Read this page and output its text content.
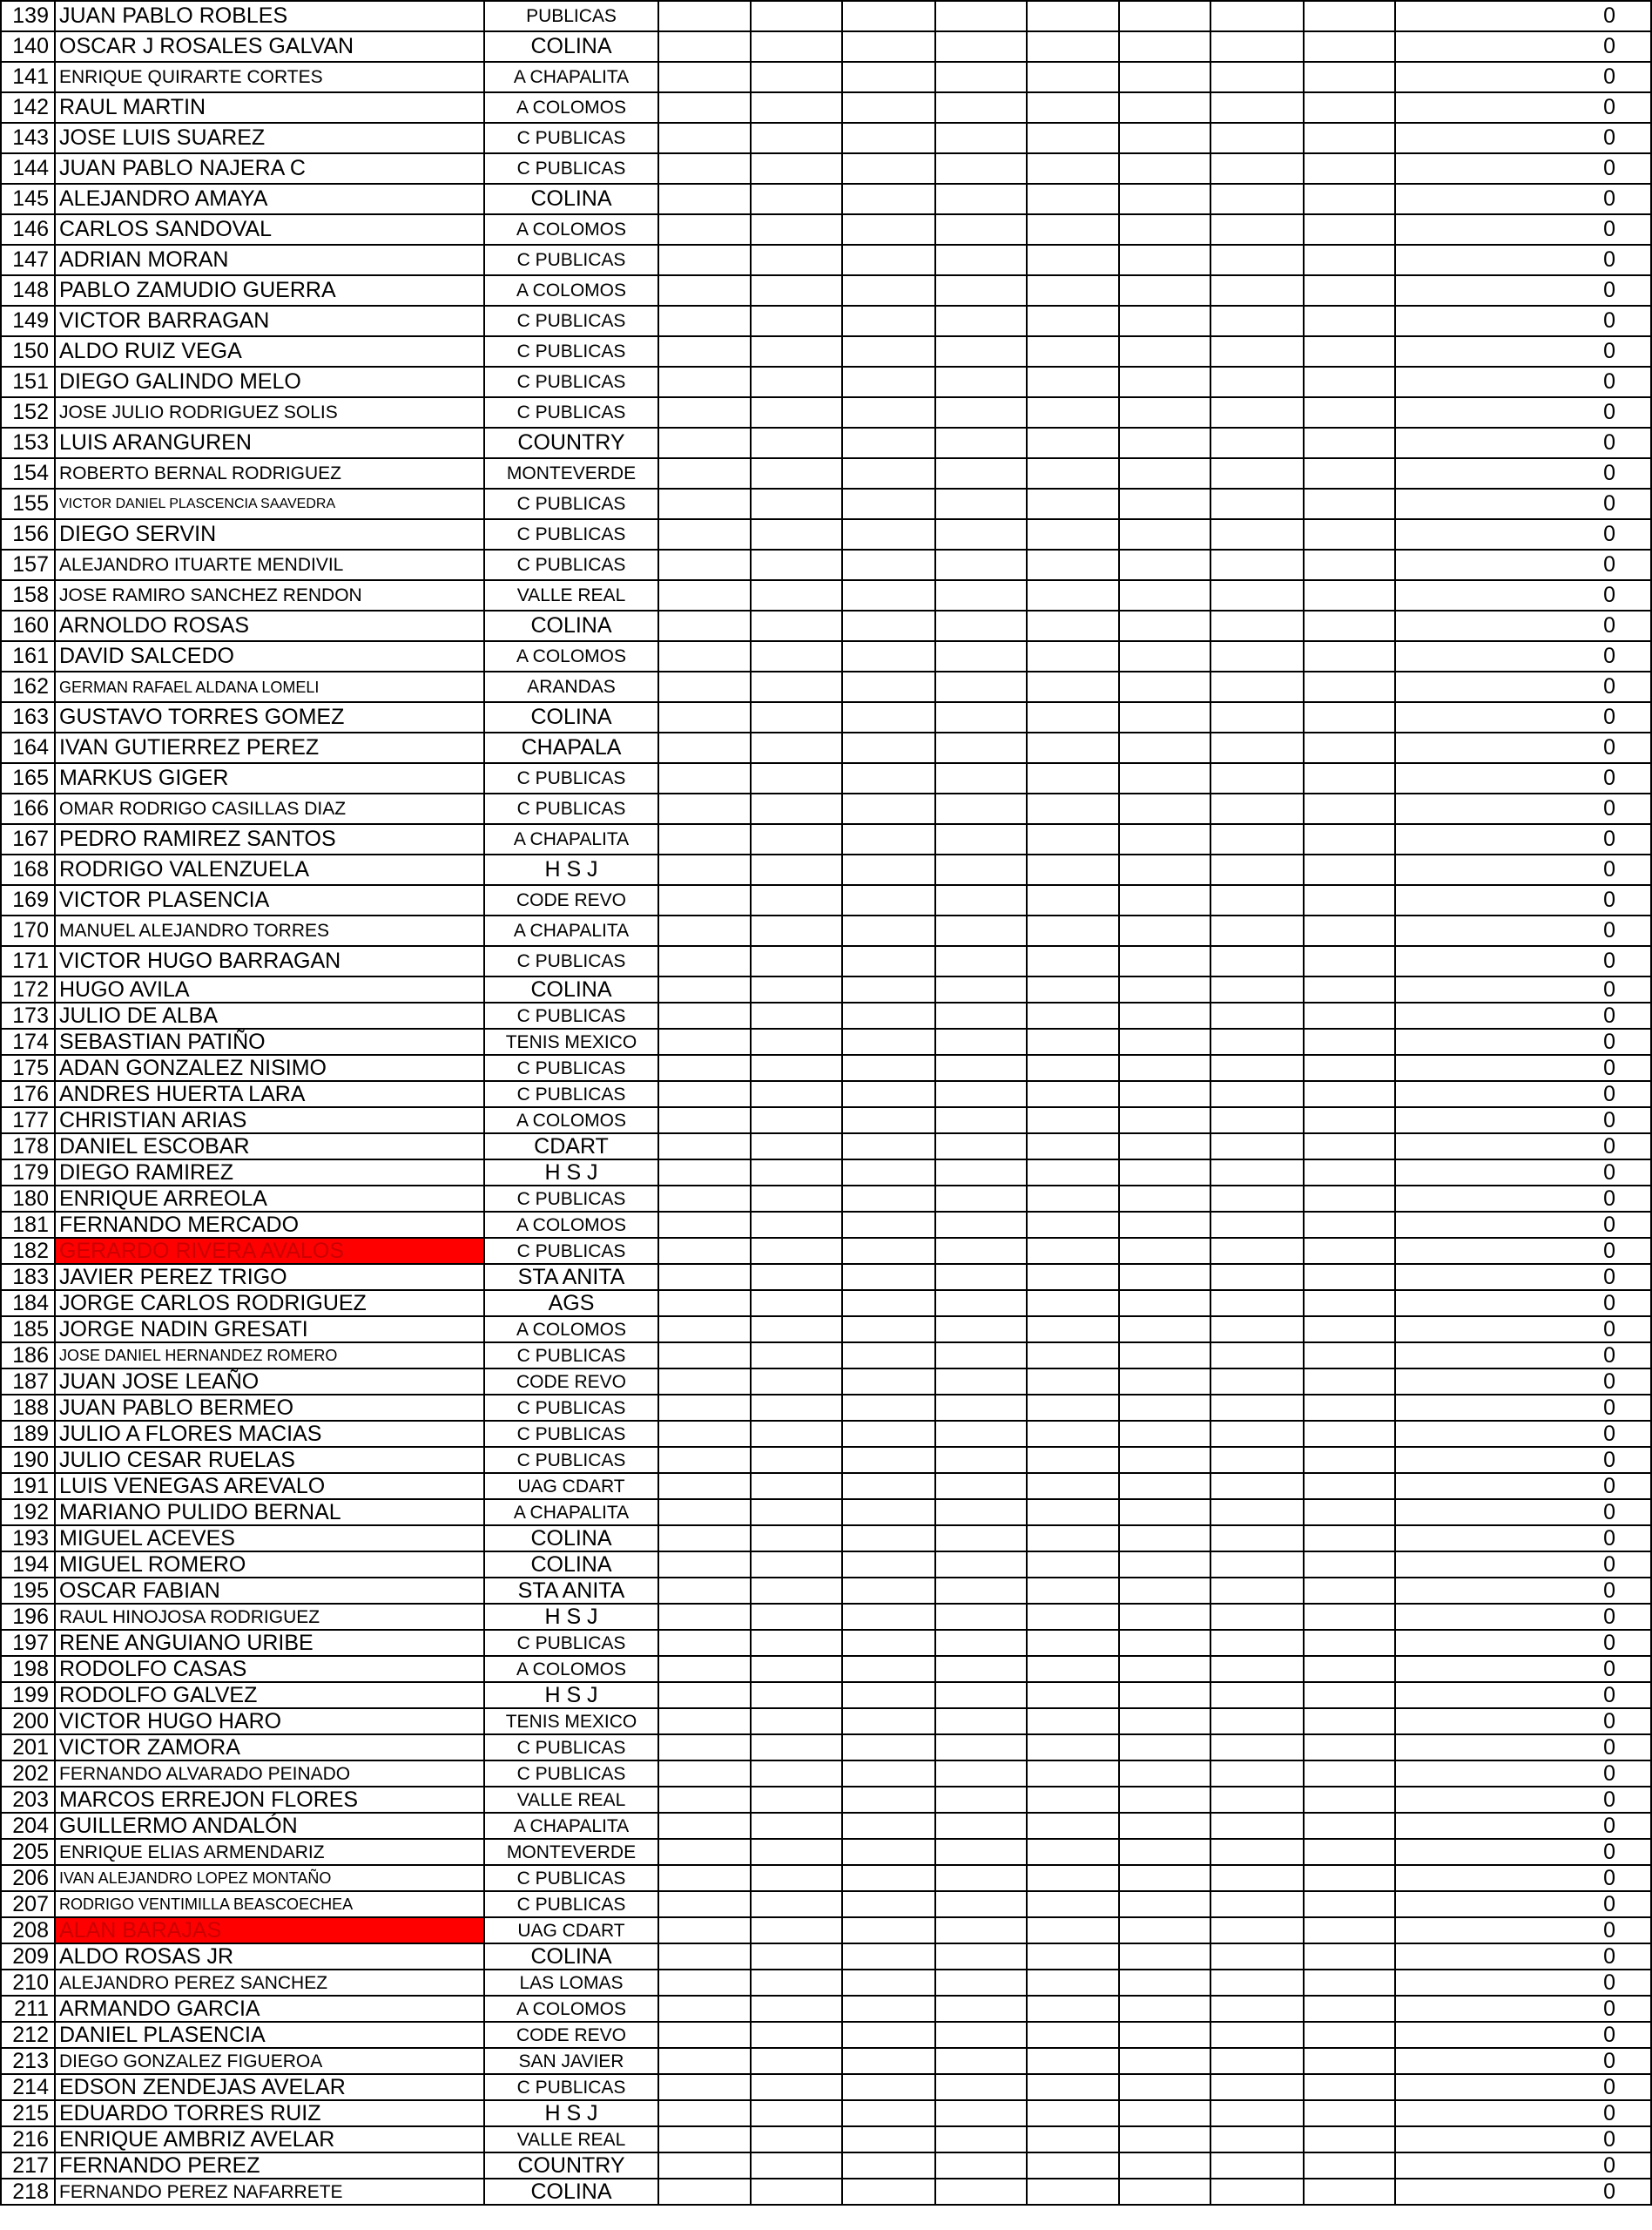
139	JUAN PABLO ROBLES	PUBLICAS									0
140	OSCAR J ROSALES GALVAN	COLINA									0
141	ENRIQUE QUIRARTE CORTES	A CHAPALITA									0
142	RAUL MARTIN	A COLOMOS									0
143	JOSE LUIS SUAREZ	C PUBLICAS									0
144	JUAN PABLO NAJERA C	C PUBLICAS									0
145	ALEJANDRO AMAYA	COLINA									0
146	CARLOS SANDOVAL	A COLOMOS									0
147	ADRIAN MORAN	C PUBLICAS									0
148	PABLO ZAMUDIO GUERRA	A COLOMOS									0
149	VICTOR BARRAGAN	C PUBLICAS									0
150	ALDO RUIZ VEGA	C PUBLICAS									0
151	DIEGO GALINDO MELO	C PUBLICAS									0
152	JOSE JULIO RODRIGUEZ SOLIS	C PUBLICAS									0
153	LUIS ARANGUREN	COUNTRY									0
154	ROBERTO BERNAL RODRIGUEZ	MONTEVERDE									0
155	VICTOR DANIEL PLASCENCIA SAAVEDRA	C PUBLICAS									0
156	DIEGO SERVIN	C PUBLICAS									0
157	ALEJANDRO ITUARTE MENDIVIL	C PUBLICAS									0
158	JOSE RAMIRO SANCHEZ RENDON	VALLE REAL									0
160	ARNOLDO ROSAS	COLINA									0
161	DAVID SALCEDO	A COLOMOS									0
162	GERMAN RAFAEL ALDANA LOMELI	ARANDAS									0
163	GUSTAVO TORRES GOMEZ	COLINA									0
164	IVAN GUTIERREZ PEREZ	CHAPALA									0
165	MARKUS GIGER	C PUBLICAS									0
166	OMAR RODRIGO CASILLAS DIAZ	C PUBLICAS									0
167	PEDRO RAMIREZ SANTOS	A CHAPALITA									0
168	RODRIGO VALENZUELA	H S J									0
169	VICTOR PLASENCIA	CODE REVO									0
170	MANUEL ALEJANDRO TORRES	A CHAPALITA									0
171	VICTOR HUGO BARRAGAN	C PUBLICAS									0
172	HUGO AVILA	COLINA									0
173	JULIO DE ALBA	C PUBLICAS									0
174	SEBASTIAN PATIÑO	TENIS MEXICO									0
175	ADAN GONZALEZ NISIMO	C PUBLICAS									0
176	ANDRES HUERTA LARA	C PUBLICAS									0
177	CHRISTIAN ARIAS	A COLOMOS									0
178	DANIEL ESCOBAR	CDART									0
179	DIEGO RAMIREZ	H S J									0
180	ENRIQUE ARREOLA	C PUBLICAS									0
181	FERNANDO MERCADO	A COLOMOS									0
182	GERARDO RIVERA AVALOS	C PUBLICAS									0
183	JAVIER PEREZ TRIGO	STA ANITA									0
184	JORGE CARLOS RODRIGUEZ	AGS									0
185	JORGE NADIN GRESATI	A COLOMOS									0
186	JOSE DANIEL HERNANDEZ ROMERO	C PUBLICAS									0
187	JUAN JOSE LEAÑO	CODE REVO									0
188	JUAN PABLO BERMEO	C PUBLICAS									0
189	JULIO A FLORES MACIAS	C PUBLICAS									0
190	JULIO CESAR RUELAS	C PUBLICAS									0
191	LUIS VENEGAS AREVALO	UAG CDART									0
192	MARIANO PULIDO BERNAL	A CHAPALITA									0
193	MIGUEL ACEVES	COLINA									0
194	MIGUEL ROMERO	COLINA									0
195	OSCAR FABIAN	STA ANITA									0
196	RAUL HINOJOSA RODRIGUEZ	H S J									0
197	RENE ANGUIANO URIBE	C PUBLICAS									0
198	RODOLFO CASAS	A COLOMOS									0
199	RODOLFO GALVEZ	H S J									0
200	VICTOR HUGO HARO	TENIS MEXICO									0
201	VICTOR ZAMORA	C PUBLICAS									0
202	FERNANDO ALVARADO PEINADO	C PUBLICAS									0
203	MARCOS ERREJON FLORES	VALLE REAL									0
204	GUILLERMO ANDALÓN	A CHAPALITA									0
205	ENRIQUE ELIAS ARMENDARIZ	MONTEVERDE									0
206	IVAN ALEJANDRO LOPEZ MONTAÑO	C PUBLICAS									0
207	RODRIGO VENTIMILLA BEASCOECHEA	C PUBLICAS									0
208	ALAN BARAJAS	UAG CDART									0
209	ALDO ROSAS JR	COLINA									0
210	ALEJANDRO PEREZ SANCHEZ	LAS LOMAS									0
211	ARMANDO GARCIA	A COLOMOS									0
212	DANIEL PLASENCIA	CODE REVO									0
213	DIEGO GONZALEZ FIGUEROA	SAN JAVIER									0
214	EDSON ZENDEJAS AVELAR	C PUBLICAS									0
215	EDUARDO TORRES RUIZ	H S J									0
216	ENRIQUE AMBRIZ AVELAR	VALLE REAL									0
217	FERNANDO PEREZ	COUNTRY									0
218	FERNANDO PEREZ NAFARRETE	COLINA									0
